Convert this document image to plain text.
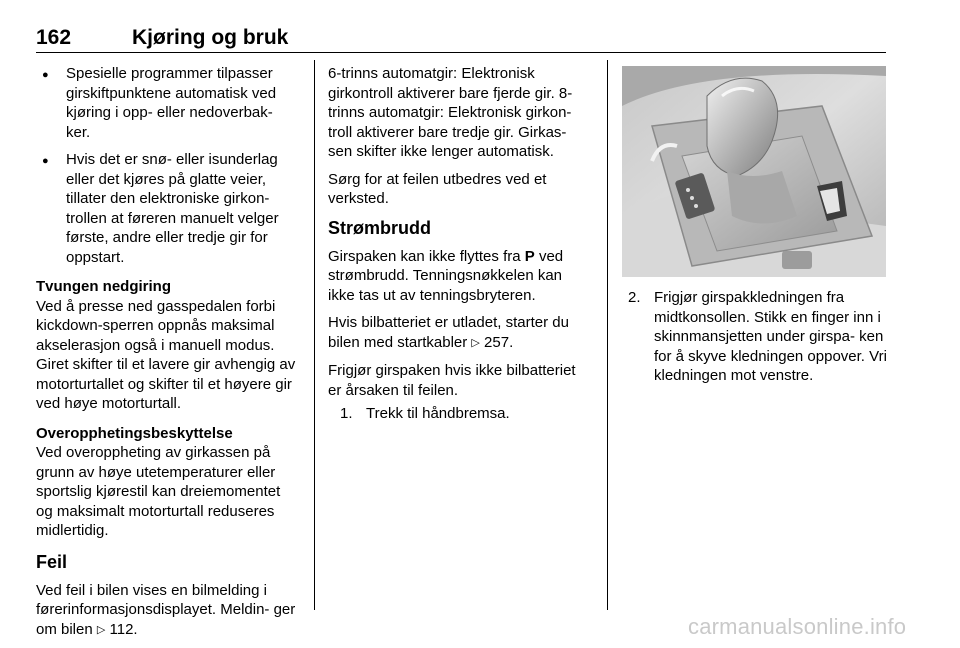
162	Kjøring og bruk
●
Spesielle programmer tilpasser girskiftpunktene automatisk ved kjøring i opp- eller nedoverbak- ker.
●
Hvis det er snø- eller isunderlag eller det kjøres på glatte veier, tillater den elektroniske girkon- trollen at føreren manuelt velger første, andre eller tredje gir for oppstart.

Tvungen nedgiring

Ved å presse ned gasspedalen forbi kickdown-sperren oppnås maksimal akselerasjon også i manuell modus. Giret skifter til et lavere gir avhengig av motorturtallet og skifter til et høyere gir ved høye motorturtall.

Overopphetingsbeskyttelse

Ved overoppheting av girkassen på grunn av høye utetemperaturer eller sportslig kjørestil kan dreiemomentet og maksimalt motorturtall reduseres midlertidig.

Feil

Ved feil i bilen vises en bilmelding i førerinformasjonsdisplayet. Meldin- ger om bilen ▷ 112.

6-trinns automatgir: Elektronisk girkontroll aktiverer bare fjerde gir. 8-trinns automatgir: Elektronisk girkon- troll aktiverer bare tredje gir. Girkas- sen skifter ikke lenger automatisk.

Sørg for at feilen utbedres ved et verksted.

Strømbrudd

Girspaken kan ikke flyttes fra P ved strømbrudd. Tenningsnøkkelen kan ikke tas ut av tenningsbryteren.

Hvis bilbatteriet er utladet, starter du bilen med startkabler ▷ 257.

Frigjør girspaken hvis ikke bilbatteriet er årsaken til feilen.

1. Trekk til håndbremsa.
2. Frigjør girspakkledningen fra midtkonsollen. Stikk en finger inn i skinnmansjetten under girspa- ken for å skyve kledningen oppover. Vri kledningen mot venstre.
carmanualsonline.info
